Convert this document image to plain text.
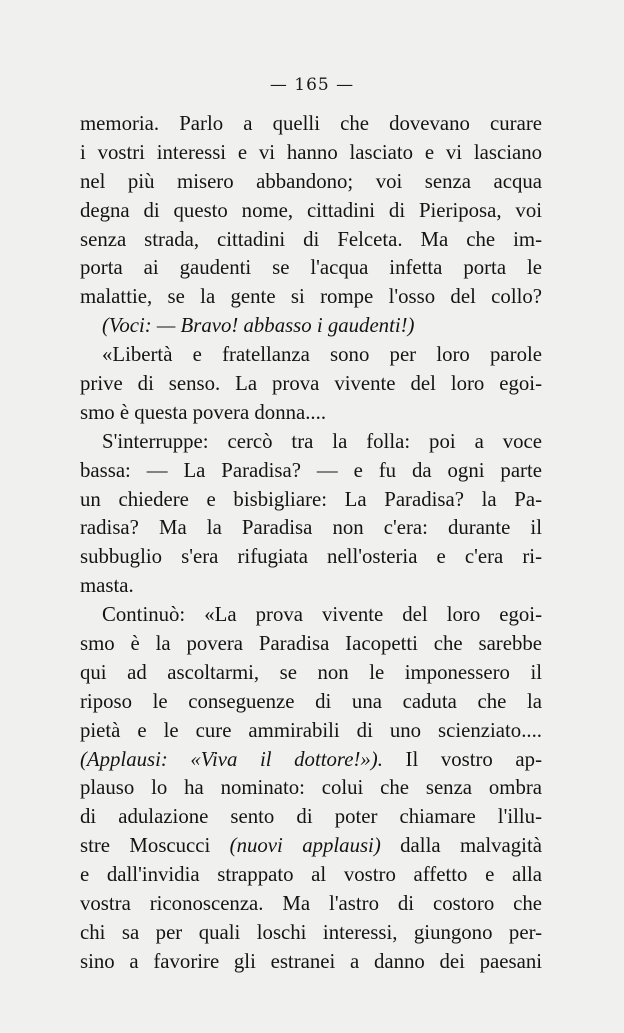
— 165 —
memoria. Parlo a quelli che dovevano curare
i vostri interessi e vi hanno lasciato e vi lasciano
nel più misero abbandono; voi senza acqua
degna di questo nome, cittadini di Pieriposa, voi
senza strada, cittadini di Felceta. Ma che im-
porta ai gaudenti se l'acqua infetta porta le
malattie, se la gente si rompe l'osso del collo?
(Voci: — Bravo! abbasso i gaudenti!)
«Libertà e fratellanza sono per loro parole
prive di senso. La prova vivente del loro egoi-
smo è questa povera donna....
S'interruppe: cercò tra la folla: poi a voce
bassa: — La Paradisa? — e fu da ogni parte
un chiedere e bisbigliare: La Paradisa? la Pa-
radisa? Ma la Paradisa non c'era: durante il
subbuglio s'era rifugiata nell'osteria e c'era ri-
masta.
Continuò: «La prova vivente del loro egoi-
smo è la povera Paradisa Iacopetti che sarebbe
qui ad ascoltarmi, se non le imponessero il
riposo le conseguenze di una caduta che la
pietà e le cure ammirabili di uno scienziato....
(Applausi: «Viva il dottore!»). Il vostro ap-
plauso lo ha nominato: colui che senza ombra
di adulazione sento di poter chiamare l'illu-
stre Moscucci (nuovi applausi) dalla malvagità
e dall'invidia strappato al vostro affetto e alla
vostra riconoscenza. Ma l'astro di costoro che
chi sa per quali loschi interessi, giungono per-
sino a favorire gli estranei a danno dei paesani
